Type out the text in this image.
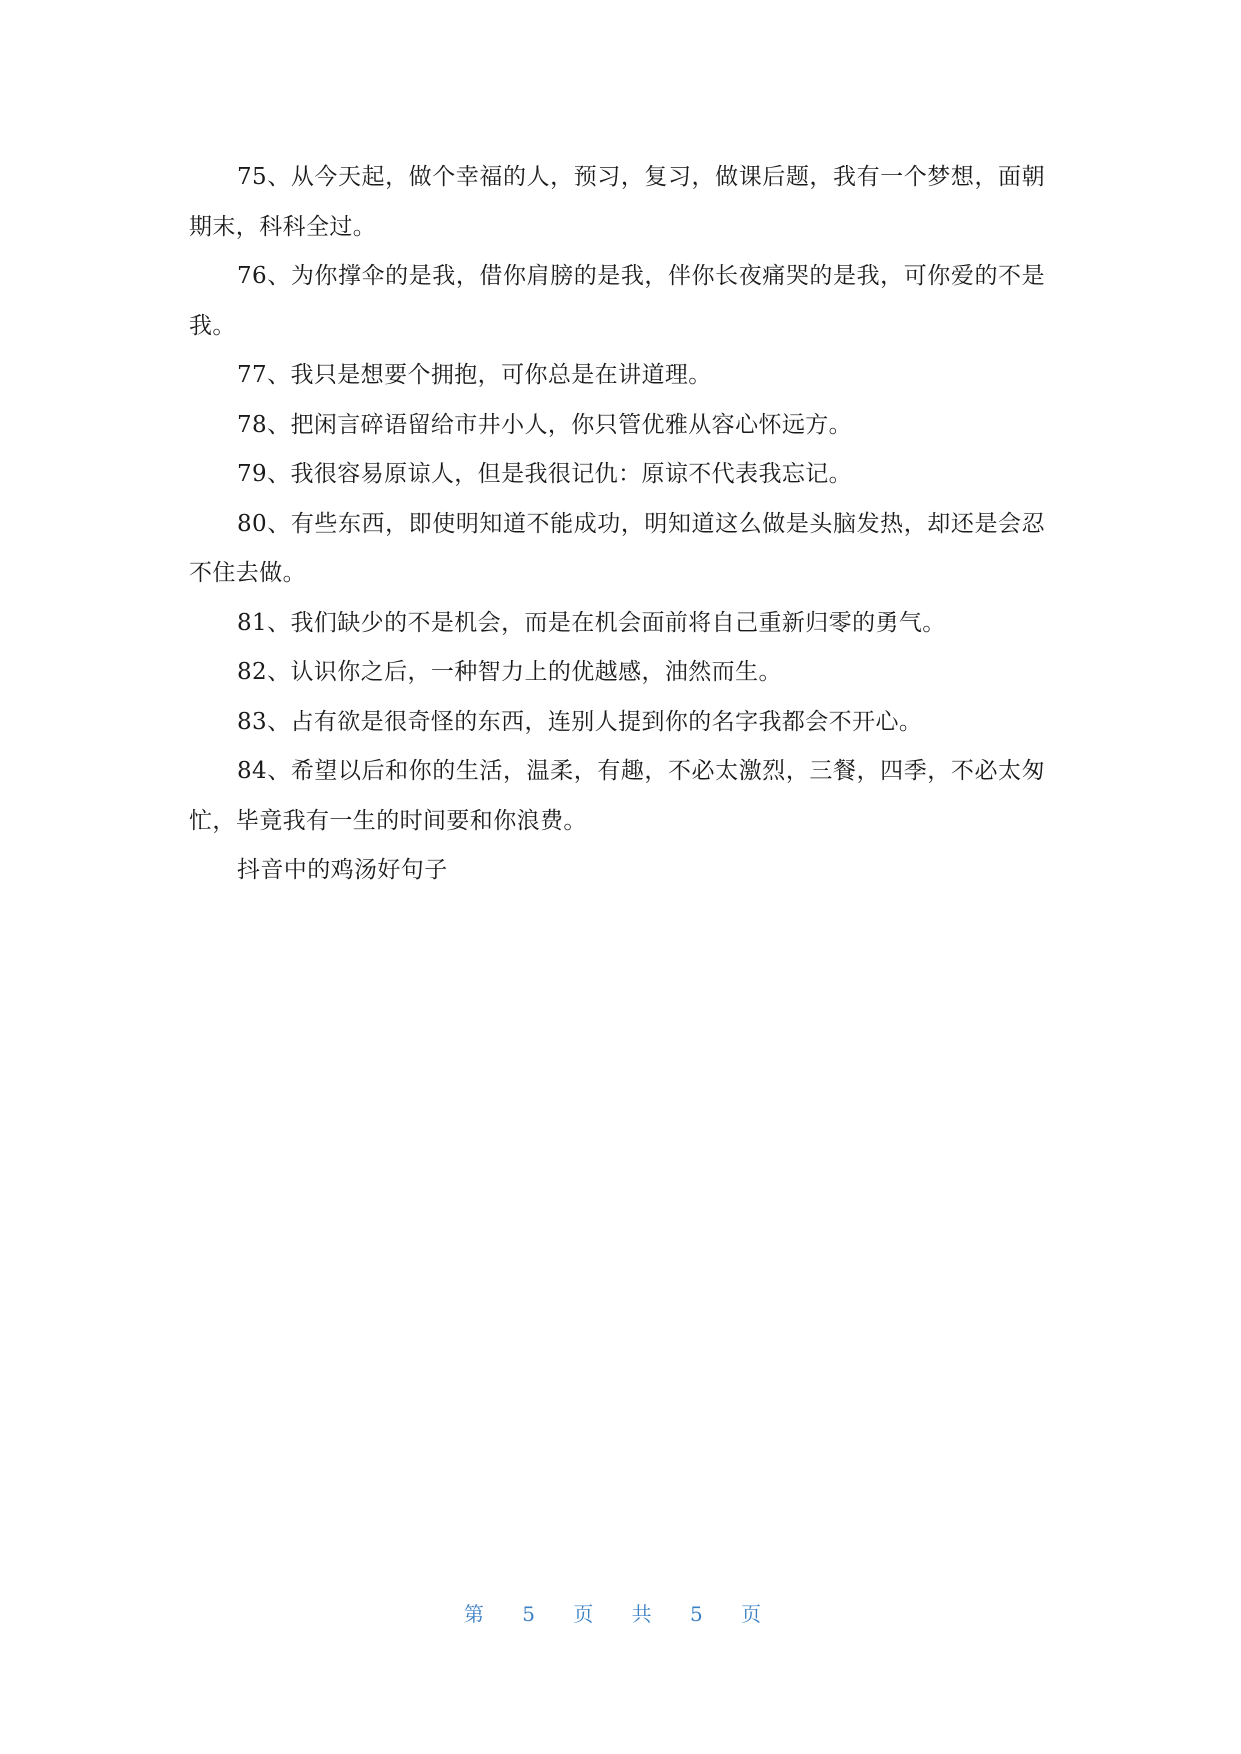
75、从今天起，做个幸福的人，预习，复习，做课后题，我有一个梦想，面朝期末，科科全过。

76、为你撑伞的是我，借你肩膀的是我，伴你长夜痛哭的是我，可你爱的不是我。

77、我只是想要个拥抱，可你总是在讲道理。

78、把闲言碎语留给市井小人，你只管优雅从容心怀远方。

79、我很容易原谅人，但是我很记仇：原谅不代表我忘记。

80、有些东西，即使明知道不能成功，明知道这么做是头脑发热，却还是会忍不住去做。

81、我们缺少的不是机会，而是在机会面前将自己重新归零的勇气。

82、认识你之后，一种智力上的优越感，油然而生。

83、占有欲是很奇怪的东西，连别人提到你的名字我都会不开心。

84、希望以后和你的生活，温柔，有趣，不必太激烈，三餐，四季，不必太匆忙，毕竟我有一生的时间要和你浪费。

抖音中的鸡汤好句子

第 5 页 共 5 页
